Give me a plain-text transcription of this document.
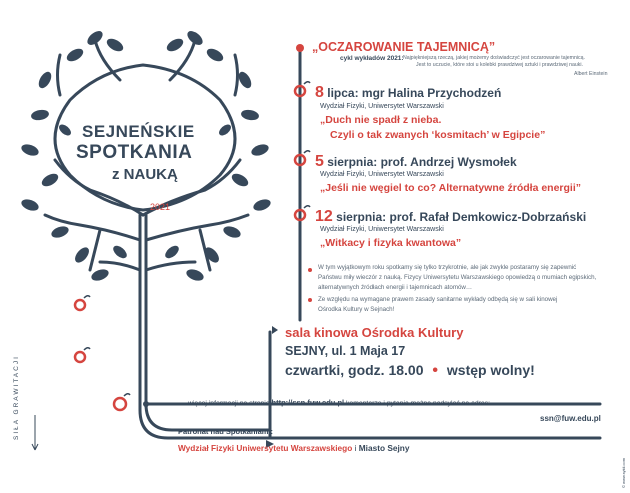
SEJNEŃSKIE
SPOTKANIA
z NAUKĄ
2021
SIŁA GRAWITACJI
© www.sykli.com
„OCZAROWANIE TAJEMNICĄ”
cykl wykładów 2021: Najpiękniejszą rzeczą, jakiej możemy doświadczyć jest oczarowanie tajemnicą.
Jest to uczucie, które stoi u kolebki prawdziwej sztuki i prawdziwej nauki.
Albert Einstein
8 lipca: mgr Halina Przychodzeń
Wydział Fizyki, Uniwersytet Warszawski
„Duch nie spadł z nieba.
Czyli o tak zwanych ‘kosmitach’ w Egipcie”
5 sierpnia: prof. Andrzej Wysmołek
Wydział Fizyki, Uniwersytet Warszawski
„Jeśli nie węgiel to co? Alternatywne źródła energii”
12 sierpnia: prof. Rafał Demkowicz-Dobrzański
Wydział Fizyki, Uniwersytet Warszawski
„Witkacy i fizyka kwantowa”
W tym wyjątkowym roku spotkamy się tylko trzykrotnie, ale jak zwykle postaramy się zapewnić
Państwu miły wieczór z nauką. Fizycy Uniwersytetu Warszawskiego opowiedzą o mumiach egipskich,
alternatywnych źródłach energii i tajemnicach atomów…
Ze względu na wymagane prawem zasady sanitarne wykłady odbędą się w sali kinowej
Ośrodka Kultury w Sejnach!
sala kinowa Ośrodka Kultury
SEJNY, ul. 1 Maja 17
czwartki, godz. 18.00 • wstęp wolny!
więcej informacji na stronie http://ssn.fuw.edu.pl komentarze i pytania można nadsyłać na adres:
ssn@fuw.edu.pl
Patronat nad Spotkaniami:
Wydział Fizyki Uniwersytetu Warszawskiego i Miasto Sejny
